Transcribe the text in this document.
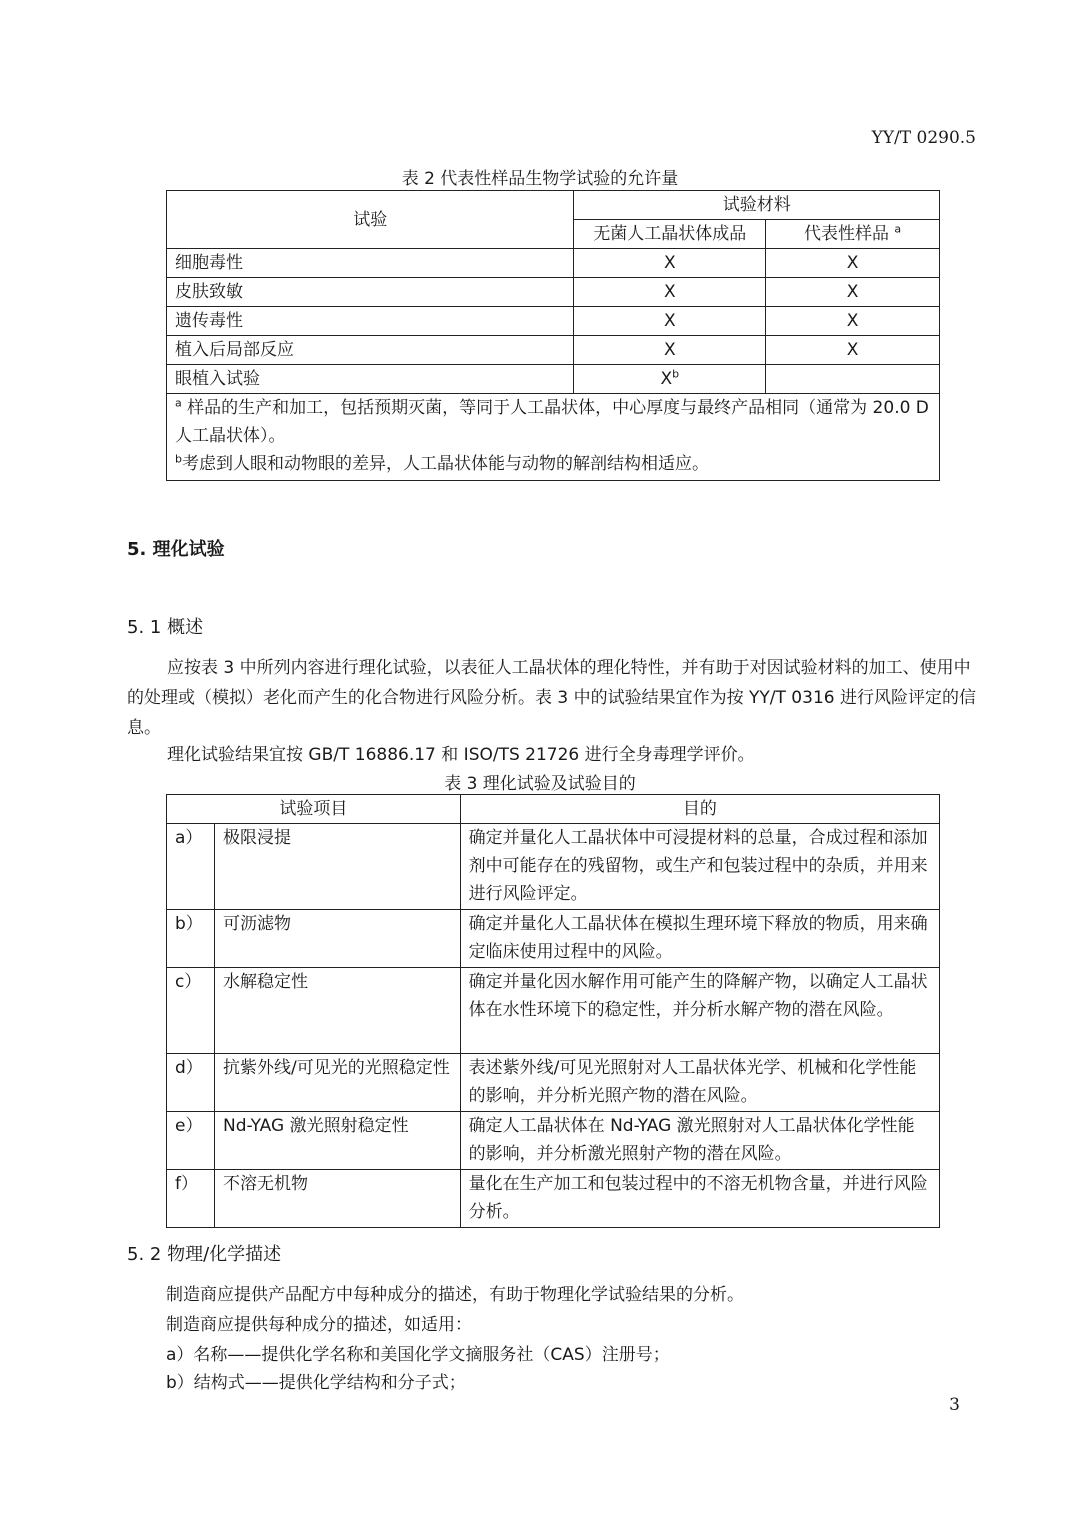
YY/T 0290.5
表 2 代表性样品生物学试验的允许量
试验	试验材料	
	无菌人工晶状体成品	代表性样品 $^a$
细胞毒性	X	X
皮肤致敏	X	X
遗传毒性	X	X
植入后局部反应	X	X
眼植入试验	$X^b$	

$^a$ 样品的生产和加工，包括预期灭菌，等同于人工晶状体，中心厚度与最终产品相同（通常为 20.0 D 人工晶状体）。
$^b$考虑到人眼和动物眼的差异，人工晶状体能与动物的解剖结构相适应。		
5. 理化试验
5. 1 概述
应按表 3 中所列内容进行理化试验，以表征人工晶状体的理化特性，并有助于对因试验材料的加工、使用中的处理或（模拟）老化而产生的化合物进行风险分析。表 3 中的试验结果宜作为按 YY/T 0316 进行风险评定的信息。
理化试验结果宜按 GB/T 16886.17 和 ISO/TS 21726 进行全身毒理学评价。
表 3 理化试验及试验目的
试验项目		目的
a）	极限浸提	确定并量化人工晶状体中可浸提材料的总量，合成过程和添加剂中可能存在的残留物，或生产和包装过程中的杂质，并用来进行风险评定。
b）	可沥滤物	确定并量化人工晶状体在模拟生理环境下释放的物质，用来确定临床使用过程中的风险。
c）	水解稳定性	确定并量化因水解作用可能产生的降解产物，以确定人工晶状体在水性环境下的稳定性，并分析水解产物的潜在风险。
d）	抗紫外线/可见光的光照稳定性	表述紫外线/可见光照射对人工晶状体光学、机械和化学性能的影响，并分析光照产物的潜在风险。
e）	Nd-YAG 激光照射稳定性	确定人工晶状体在 Nd-YAG 激光照射对人工晶状体化学性能的影响，并分析激光照射产物的潜在风险。
f）	不溶无机物	量化在生产加工和包装过程中的不溶无机物含量，并进行风险分析。
5. 2 物理/化学描述
制造商应提供产品配方中每种成分的描述，有助于物理化学试验结果的分析。
制造商应提供每种成分的描述，如适用：
a）名称——提供化学名称和美国化学文摘服务社（CAS）注册号；
b）结构式——提供化学结构和分子式；
3
